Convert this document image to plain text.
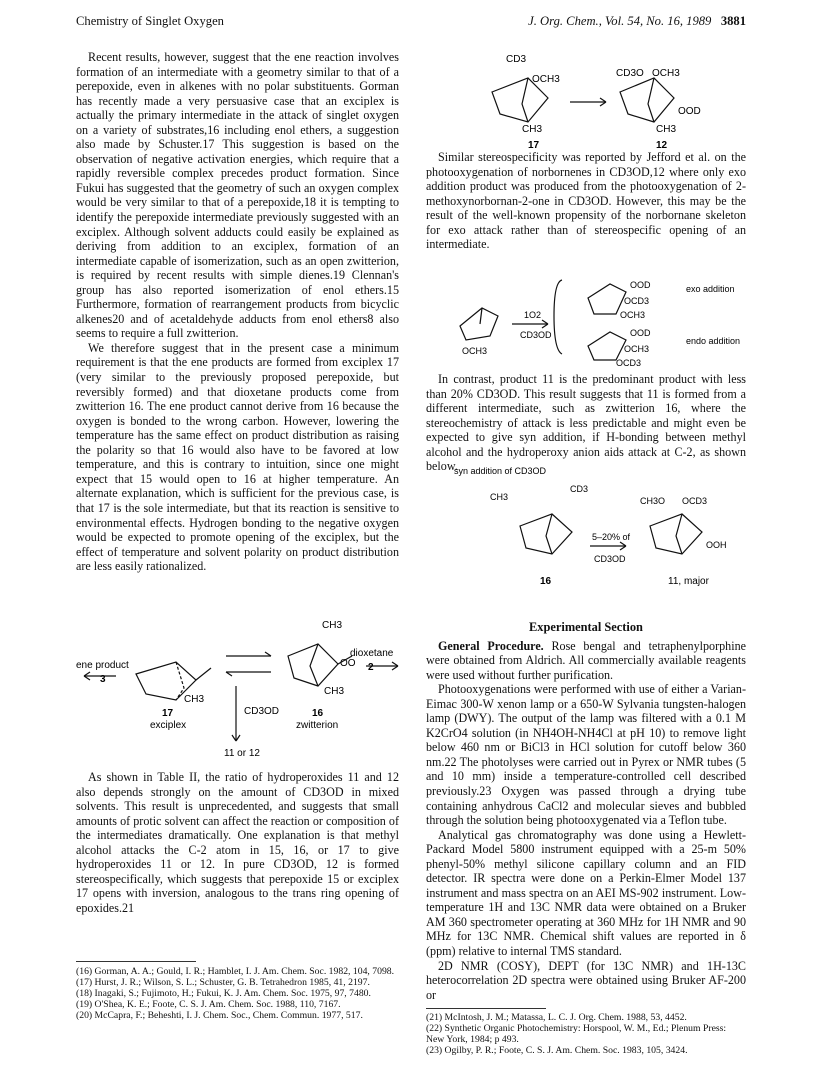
Chemistry of Singlet Oxygen	J. Org. Chem., Vol. 54, No. 16, 1989 3881

Recent results, however, suggest that the ene reaction involves formation of an intermediate with a geometry similar to that of a perepoxide, even in alkenes with no polar substituents. Gorman has recently made a very persuasive case that an exciplex is actually the primary intermediate in the attack of singlet oxygen on a variety of substrates,16 including enol ethers, a suggestion also made by Schuster.17 This suggestion is based on the observation of negative activation energies, which require that a rapidly reversible complex precedes product formation. Since Fukui has suggested that the geometry of such an oxygen complex would be very similar to that of a perepoxide,18 it is tempting to identify the perepoxide intermediate previously suggested with an exciplex. Although solvent adducts could easily be explained as deriving from addition to an exciplex, formation of an intermediate capable of isomerization, such as an open zwitterion, is required by recent results with simple dienes.19 Clennan's group has also reported isomerization of enol ethers.15 Furthermore, formation of rearrangement products from bicyclic alkenes20 and of acetaldehyde adducts from enol ethers8 also seems to require a full zwitterion.

We therefore suggest that in the present case a minimum requirement is that the ene products are formed from exciplex 17 (very similar to the previously proposed perepoxide, but reversibly formed) and that dioxetane products come from zwitterion 16. The ene product cannot derive from 16 because the oxygen is bonded to the wrong carbon. However, lowering the temperature has the same effect on product distribution as raising the polarity so that 16 would also have to be favored at low temperature, and this is contrary to intuition, since one might expect that 15 would open to 16 at higher temperature. An alternate explanation, which is sufficient for the previous case, is that 17 is the sole intermediate, but that its reaction is sensitive to environmental effects. Hydrogen bonding to the negative oxygen would be expected to promote opening of the exciplex, but the effect of temperature and solvent polarity on product distribution are less easily rationalized.

CH3
CH3
CH3
OO
ene product
3
dioxetane
2
17
exciplex
16
zwitterion
CD3OD
11 or 12

As shown in Table II, the ratio of hydroperoxides 11 and 12 also depends strongly on the amount of CD3OD in mixed solvents. This result is unprecedented, and suggests that small amounts of protic solvent can affect the reaction or composition of the intermediates dramatically. One explanation is that methyl alcohol attacks the C-2 atom in 15, 16, or 17 to give hydroperoxides 11 or 12. In pure CD3OD, 12 is formed stereospecifically, which suggests that perepoxide 15 or exciplex 17 opens with inversion, analogous to the trans ring opening of epoxides.21

(16) Gorman, A. A.; Gould, I. R.; Hamblet, I. J. Am. Chem. Soc. 1982, 104, 7098.
(17) Hurst, J. R.; Wilson, S. L.; Schuster, G. B. Tetrahedron 1985, 41, 2197.
(18) Inagaki, S.; Fujimoto, H.; Fukui, K. J. Am. Chem. Soc. 1975, 97, 7480.
(19) O'Shea, K. E.; Foote, C. S. J. Am. Chem. Soc. 1988, 110, 7167.
(20) McCapra, F.; Beheshti, I. J. Chem. Soc., Chem. Commun. 1977, 517.
CD3
OCH3
CH3
CD3O OCH3
OOD
CH3
17	12

Similar stereospecificity was reported by Jefford et al. on the photooxygenation of norbornenes in CD3OD,12 where only exo addition product was produced from the photooxygenation of 2-methoxynorbornan-2-one in CD3OD. However, this may be the result of the well-known propensity of the norbornane skeleton for exo attack rather than of stereospecific opening of an intermediate.

1O2
CD3OD
OCH3
OOD
OCD3
OCH3
exo addition
OOD
OCH3
OCD3
endo addition

In contrast, product 11 is the predominant product with less than 20% CD3OD. This result suggests that 11 is formed from a different intermediate, such as zwitterion 16, where the stereochemistry of attack is less predictable and might even be expected to give syn addition, if H-bonding between methyl alcohol and the hydroperoxy anion aids attack at C-2, as shown below.

syn addition of CD3OD
CH3
CD3
5–20% of
CD3OD
CH3O OCD3
OOH
16	11, major

Experimental Section

General Procedure. Rose bengal and tetraphenylporphine were obtained from Aldrich. All commercially available reagents were used without further purification.

Photooxygenations were performed with use of either a Varian-Eimac 300-W xenon lamp or a 650-W Sylvania tungsten-halogen lamp (DWY). The output of the lamp was filtered with a 0.1 M K2CrO4 solution (in NH4OH-NH4Cl at pH 10) to remove light below 460 nm or BiCl3 in HCl solution for cutoff below 360 nm.22 The photolyses were carried out in Pyrex or NMR tubes (5 and 10 mm) inside a temperature-controlled cell described previously.23 Oxygen was passed through a drying tube containing anhydrous CaCl2 and molecular sieves and bubbled through the solution being photooxygenated via a Teflon tube.

Analytical gas chromatography was done using a Hewlett-Packard Model 5800 instrument equipped with a 25-m 50% phenyl-50% methyl silicone capillary column and an FID detector. IR spectra were done on a Perkin-Elmer Model 137 instrument and mass spectra on an AEI MS-902 instrument. Low-temperature 1H and 13C NMR data were obtained on a Bruker AM 360 spectrometer operating at 360 MHz for 1H NMR and 90 MHz for 13C NMR. Chemical shift values are reported in δ (ppm) relative to internal TMS standard.

2D NMR (COSY), DEPT (for 13C NMR) and 1H-13C heterocorrelation 2D spectra were obtained using Bruker AF-200 or

(21) McIntosh, J. M.; Matassa, L. C. J. Org. Chem. 1988, 53, 4452.
(22) Synthetic Organic Photochemistry: Horspool, W. M., Ed.; Plenum Press: New York, 1984; p 493.
(23) Ogilby, P. R.; Foote, C. S. J. Am. Chem. Soc. 1983, 105, 3424.
